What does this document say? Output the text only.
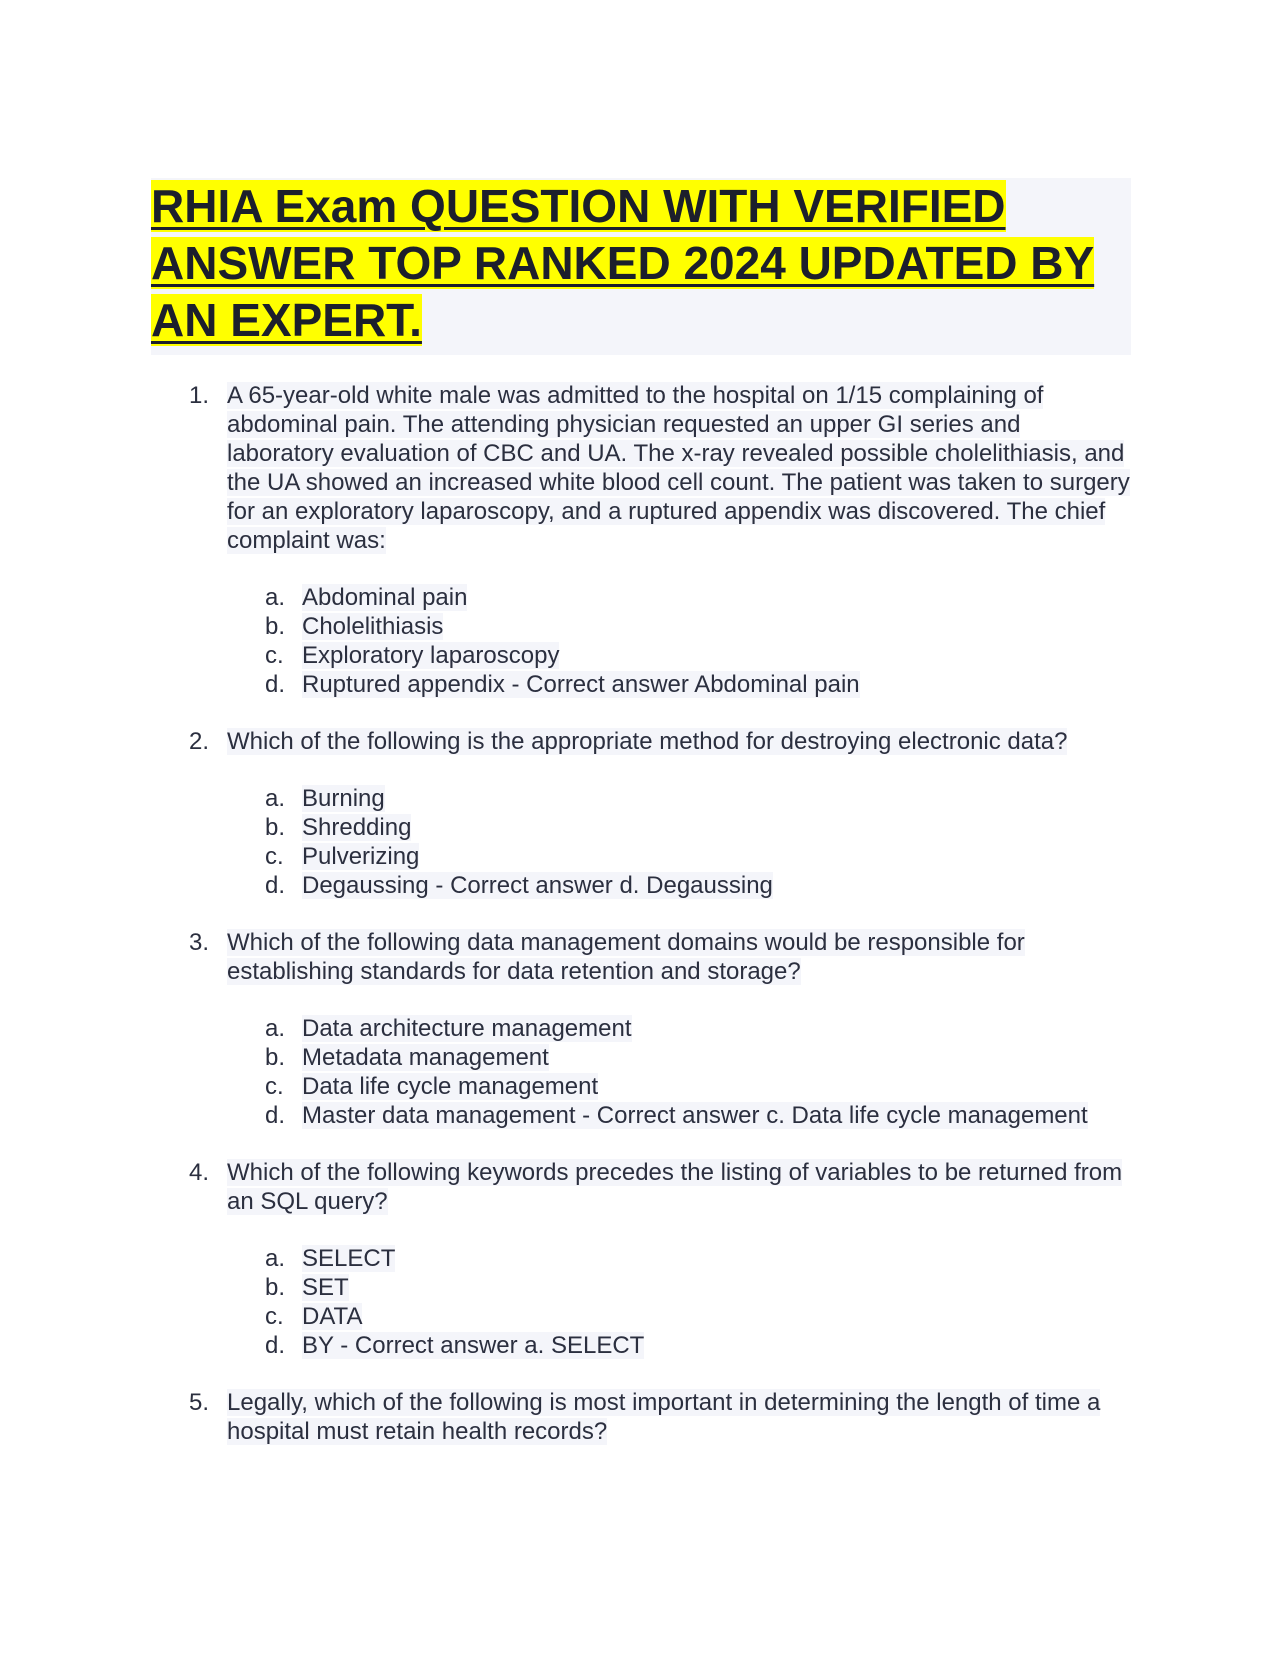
RHIA Exam QUESTION WITH VERIFIED ANSWER TOP RANKED 2024 UPDATED BY AN EXPERT.
1. A 65-year-old white male was admitted to the hospital on 1/15 complaining of abdominal pain. The attending physician requested an upper GI series and laboratory evaluation of CBC and UA. The x-ray revealed possible cholelithiasis, and the UA showed an increased white blood cell count. The patient was taken to surgery for an exploratory laparoscopy, and a ruptured appendix was discovered. The chief complaint was:
a. Abdominal pain
b. Cholelithiasis
c. Exploratory laparoscopy
d. Ruptured appendix - Correct answer Abdominal pain
2. Which of the following is the appropriate method for destroying electronic data?
a. Burning
b. Shredding
c. Pulverizing
d. Degaussing - Correct answer d. Degaussing
3. Which of the following data management domains would be responsible for establishing standards for data retention and storage?
a. Data architecture management
b. Metadata management
c. Data life cycle management
d. Master data management - Correct answer c. Data life cycle management
4. Which of the following keywords precedes the listing of variables to be returned from an SQL query?
a. SELECT
b. SET
c. DATA
d. BY - Correct answer a. SELECT
5. Legally, which of the following is most important in determining the length of time a hospital must retain health records?
